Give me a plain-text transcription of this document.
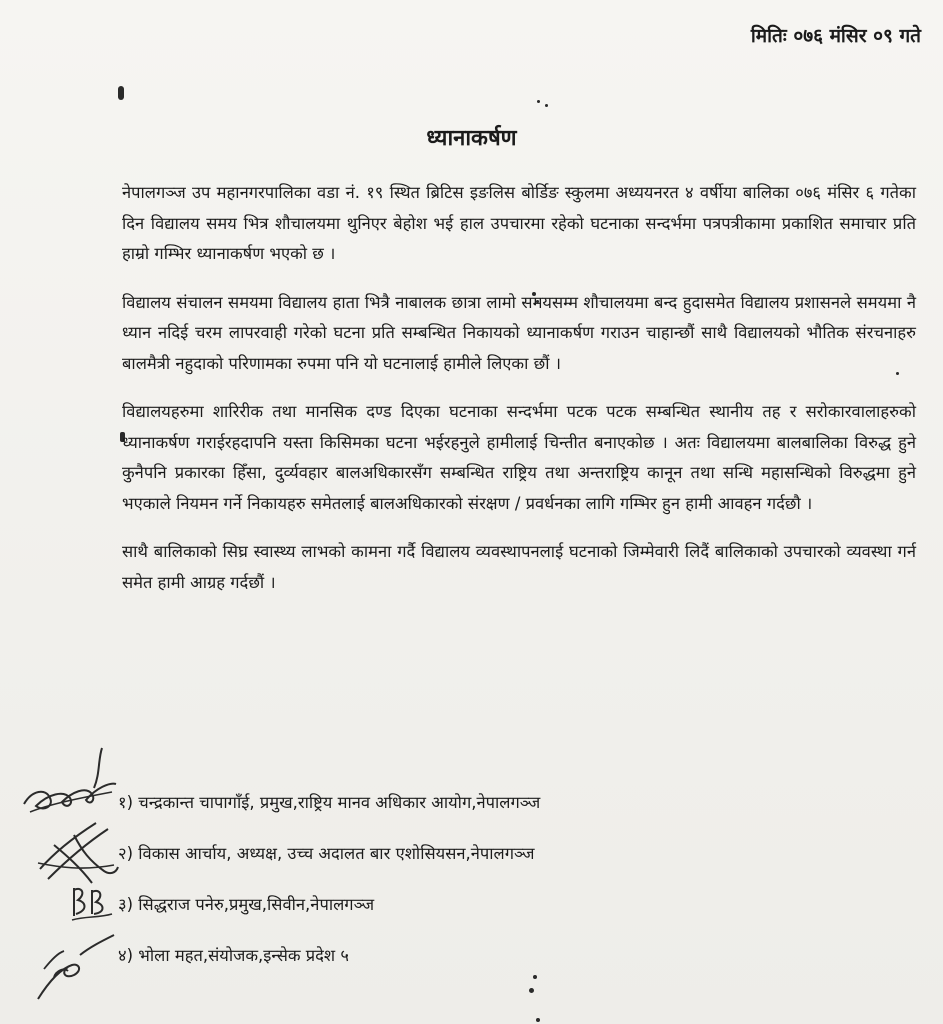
मितिः ०७६ मंसिर ०९ गते
ध्यानाकर्षण

नेपालगञ्ज उप महानगरपालिका वडा नं. १९ स्थित ब्रिटिस इङलिस बोर्डिङ स्कुलमा अध्ययनरत ४ वर्षीया बालिका ०७६ मंसिर ६ गतेका दिन विद्यालय समय भित्र शौचालयमा थुनिएर बेहोश भई हाल उपचारमा रहेको घटनाका सन्दर्भमा पत्रपत्रीकामा प्रकाशित समाचार प्रति हाम्रो गम्भिर ध्यानाकर्षण भएको छ ।

विद्यालय संचालन समयमा विद्यालय हाता भित्रै नाबालक छात्रा लामो समयसम्म शौचालयमा बन्द हुदासमेत विद्यालय प्रशासनले समयमा नै ध्यान नदिई चरम लापरवाही गरेको घटना प्रति सम्बन्धित निकायको ध्यानाकर्षण गराउन चाहान्छौं साथै विद्यालयको भौतिक संरचनाहरु बालमैत्री नहुदाको परिणामका रुपमा पनि यो घटनालाई हामीले लिएका छौं ।

विद्यालयहरुमा शारिरीक तथा मानसिक दण्ड दिएका घटनाका सन्दर्भमा पटक पटक सम्बन्धित स्थानीय तह र सरोकारवालाहरुको ध्यानाकर्षण गराईरहदापनि यस्ता किसिमका घटना भईरहनुले हामीलाई चिन्तीत बनाएकोछ । अतः विद्यालयमा बालबालिका विरुद्ध हुने कुनैपनि प्रकारका हिँसा, दुर्व्यवहार बालअधिकारसँग सम्बन्धित राष्ट्रिय तथा अन्तराष्ट्रिय कानून तथा सन्धि महासन्धिको विरुद्धमा हुने भएकाले नियमन गर्ने निकायहरु समेतलाई बालअधिकारको संरक्षण / प्रवर्धनका लागि गम्भिर हुन हामी आवहन गर्दछौ ।

साथै बालिकाको सिघ्र स्वास्थ्य लाभको कामना गर्दै विद्यालय व्यवस्थापनलाई घटनाको जिम्मेवारी लिदैं बालिकाको उपचारको व्यवस्था गर्न समेत हामी आग्रह गर्दछौं ।

१) चन्द्रकान्त चापागाँई, प्रमुख,राष्ट्रिय मानव अधिकार आयोग,नेपालगञ्ज
२) विकास आर्चाय, अध्यक्ष, उच्च अदालत बार एशोसियसन,नेपालगञ्ज
३) सिद्धराज पनेरु,प्रमुख,सिवीन,नेपालगञ्ज
४) भोला महत,संयोजक,इन्सेक प्रदेश ५
